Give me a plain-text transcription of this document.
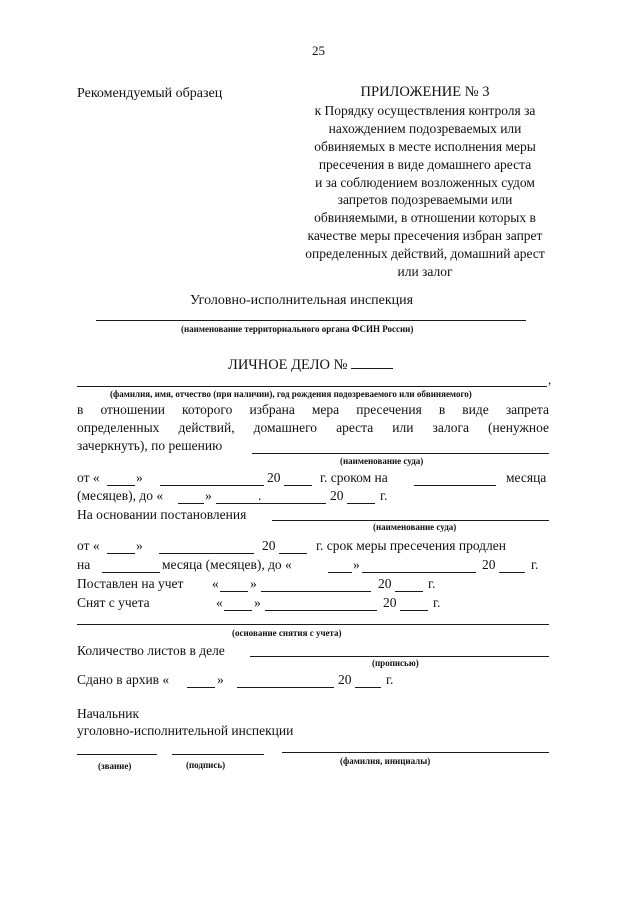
25
Рекомендуемый образец	ПРИЛОЖЕНИЕ № 3
к Порядку осуществления контроля за
нахождением подозреваемых или
обвиняемых в месте исполнения меры
пресечения в виде домашнего ареста
и за соблюдением возложенных судом
запретов подозреваемыми или
обвиняемыми, в отношении которых в
качестве меры пресечения избран запрет
определенных действий, домашний арест
или залог
Уголовно-исполнительная инспекция
(наименование территориального органа ФСИН России)
ЛИЧНОЕ ДЕЛО №
,
(фамилия, имя, отчество (при наличии), год рождения подозреваемого или обвиняемого)
в отношении которого избрана мера пресечения в виде запрета
определенных действий, домашнего ареста или залога (ненужное
зачеркнуть), по решению
(наименование суда)
от «	»	20	г. сроком на	месяца
(месяцев), до «	»	.	20	г.
На основании постановления
(наименование суда)
от «	»	20	г. срок меры пресечения продлен
на	месяца (месяцев), до «	»	20	г.
Поставлен на учет « »	20	г.
Снят с учета	« »	20	г.
(основание снятия с учета)
Количество листов в деле
(прописью)
Сдано в архив «	»	20	г.
Начальник
уголовно-исполнительной инспекции
(звание)	(подпись)	(фамилия, инициалы)
